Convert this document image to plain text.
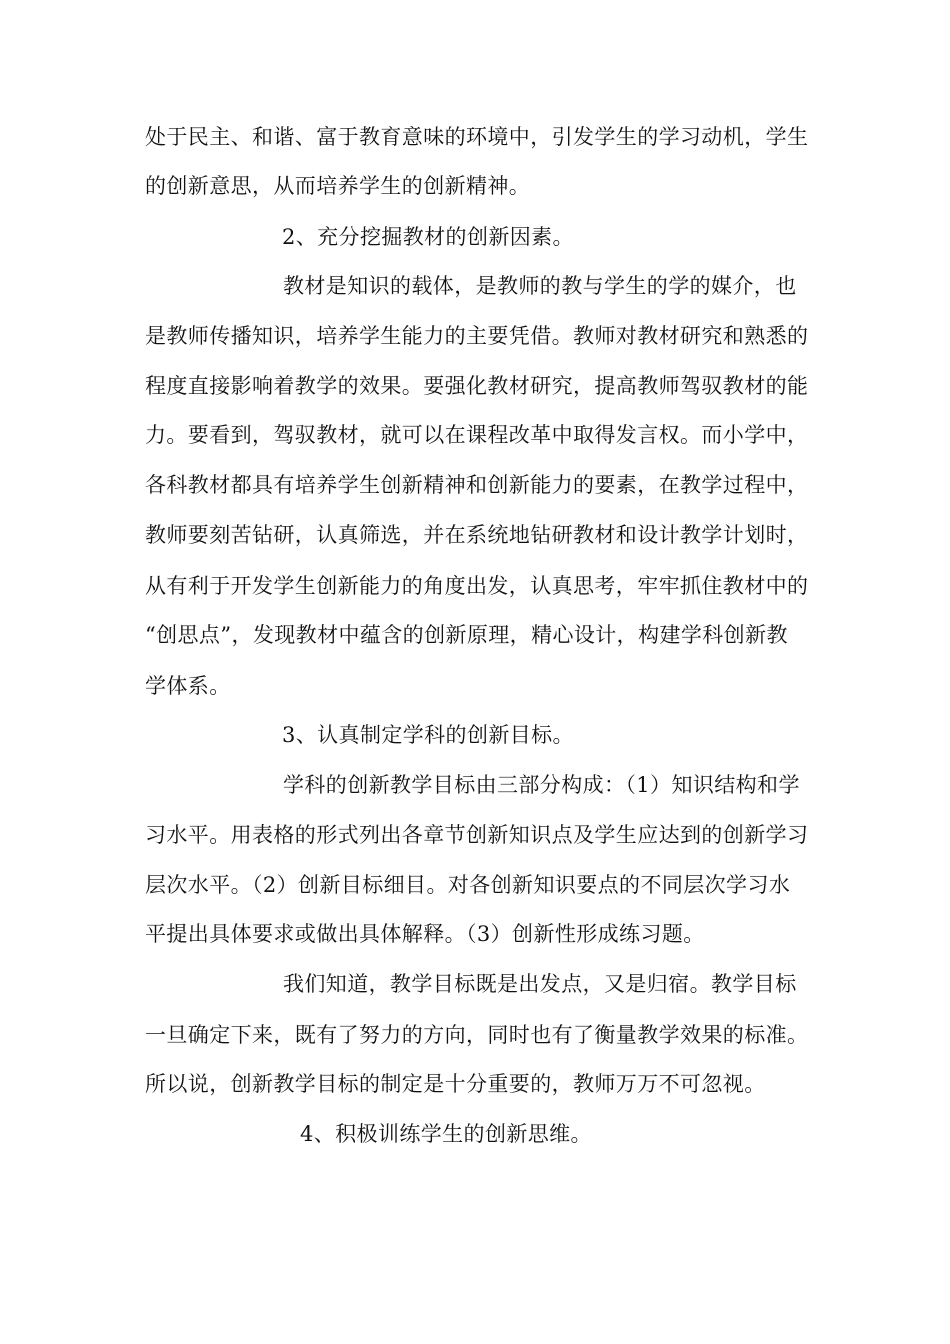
处于民主、和谐、富于教育意味的环境中，引发学生的学习动机，学生
的创新意思，从而培养学生的创新精神。
2、充分挖掘教材的创新因素。
教材是知识的载体，是教师的教与学生的学的媒介，也
是教师传播知识，培养学生能力的主要凭借。教师对教材研究和熟悉的
程度直接影响着教学的效果。要强化教材研究，提高教师驾驭教材的能
力。要看到，驾驭教材，就可以在课程改革中取得发言权。而小学中，
各科教材都具有培养学生创新精神和创新能力的要素，在教学过程中，
教师要刻苦钻研，认真筛选，并在系统地钻研教材和设计教学计划时，
从有利于开发学生创新能力的角度出发，认真思考，牢牢抓住教材中的
“创思点”，发现教材中蕴含的创新原理，精心设计，构建学科创新教
学体系。
3、认真制定学科的创新目标。
学科的创新教学目标由三部分构成：（1）知识结构和学
习水平。用表格的形式列出各章节创新知识点及学生应达到的创新学习
层次水平。（2）创新目标细目。对各创新知识要点的不同层次学习水
平提出具体要求或做出具体解释。（3）创新性形成练习题。
我们知道，教学目标既是出发点，又是归宿。教学目标
一旦确定下来，既有了努力的方向，同时也有了衡量教学效果的标准。
所以说，创新教学目标的制定是十分重要的，教师万万不可忽视。
4、积极训练学生的创新思维。
